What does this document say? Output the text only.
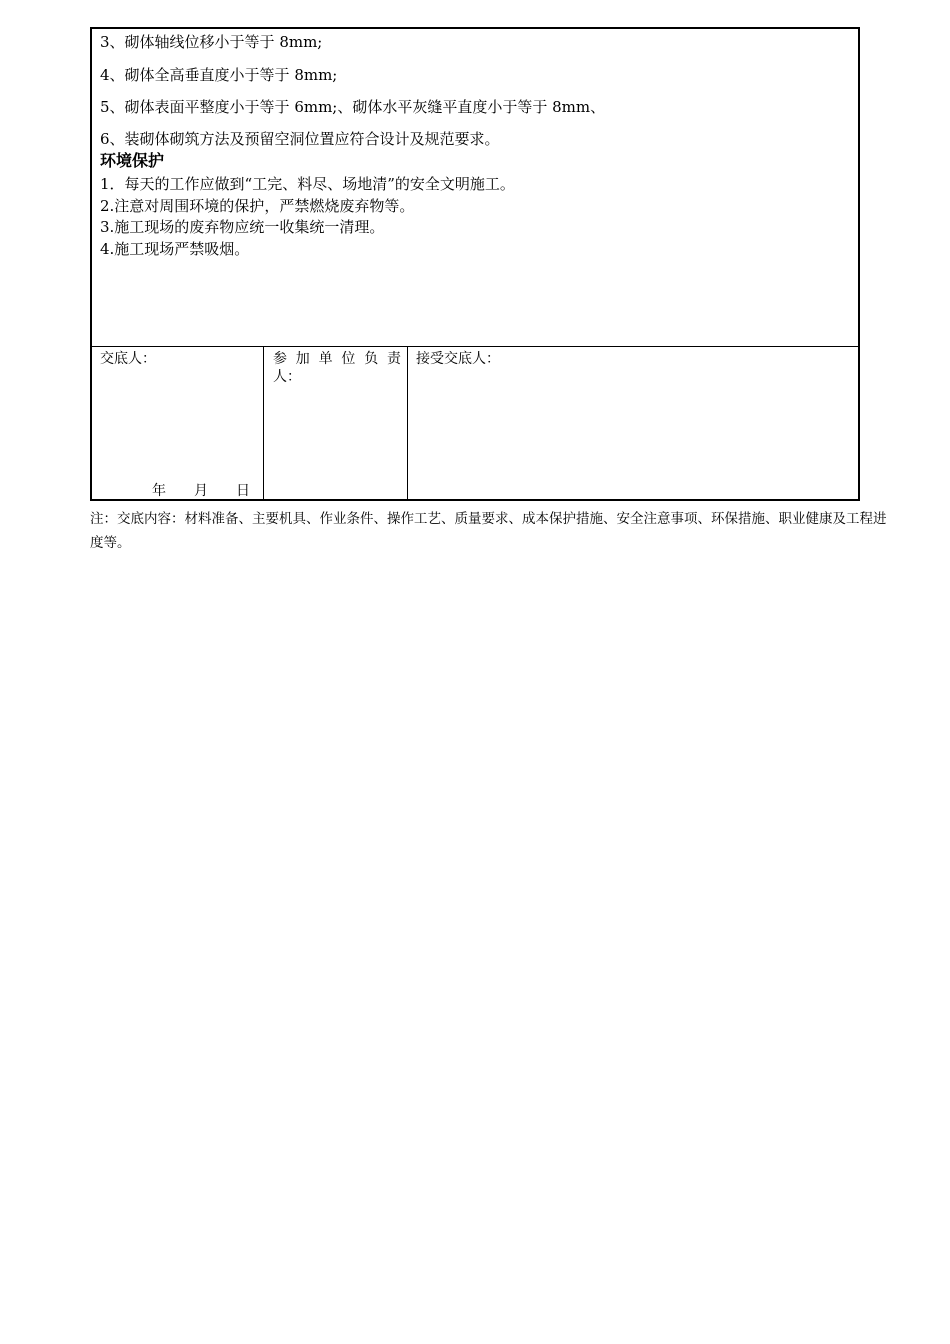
3、砌体轴线位移小于等于 8mm;
4、砌体全高垂直度小于等于 8mm;
5、砌体表面平整度小于等于 6mm;、砌体水平灰缝平直度小于等于 8mm、
6、装砌体砌筑方法及预留空洞位置应符合设计及规范要求。
环境保护
1．每天的工作应做到“工完、料尽、场地清”的安全文明施工。
2.注意对周围环境的保护，严禁燃烧废弃物等。
3.施工现场的废弃物应统一收集统一清理。
4.施工现场严禁吸烟。
交底人：
年 月 日
参 加 单 位 负 责
人：
接受交底人：
注：交底内容：材料准备、主要机具、作业条件、操作工艺、质量要求、成本保护措施、安全注意事项、环保措施、职业健康及工程进度等。
